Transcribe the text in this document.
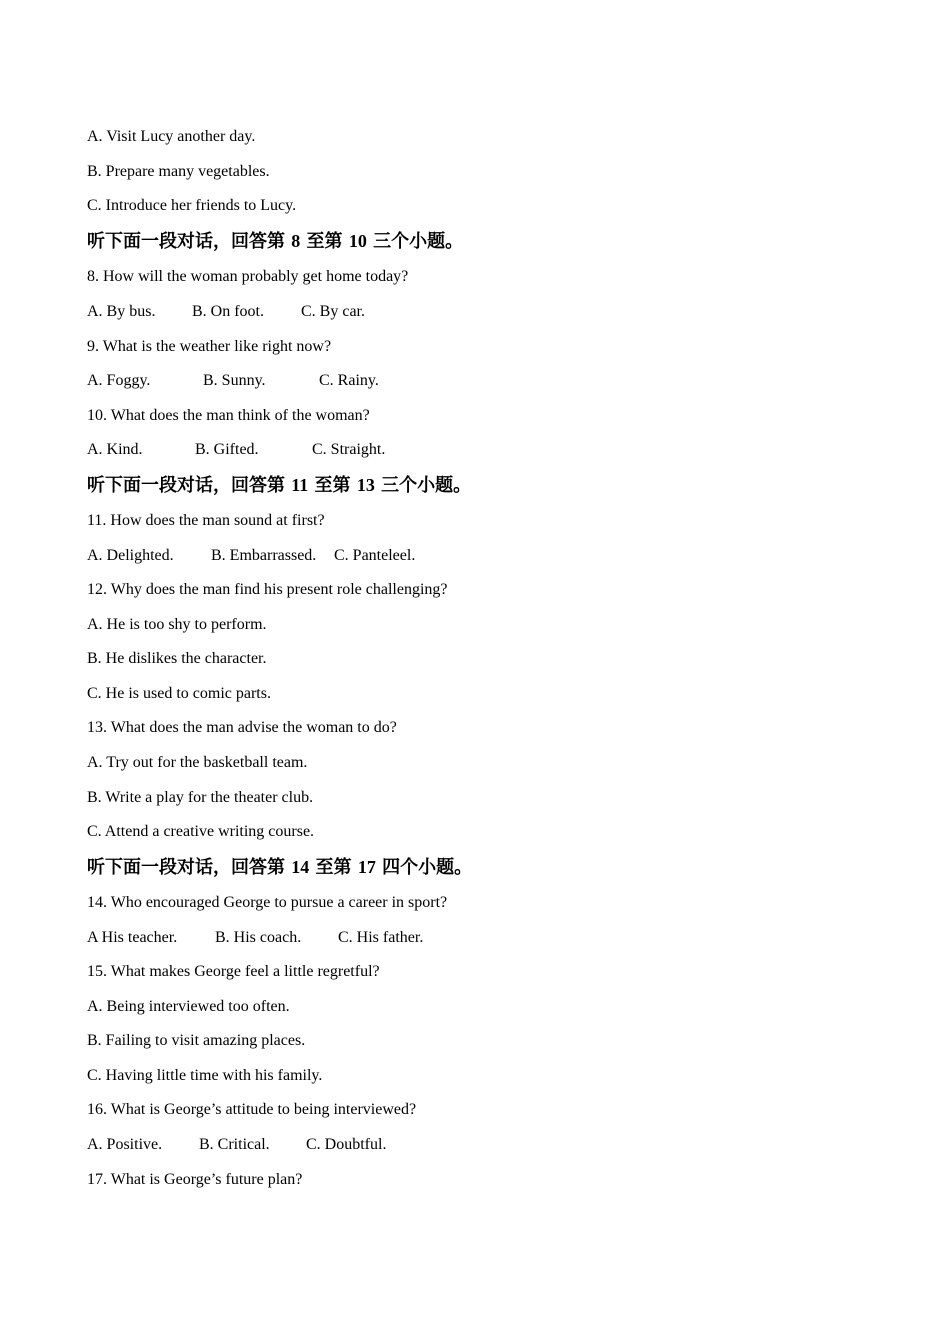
A. Visit Lucy another day.

B. Prepare many vegetables.

C. Introduce her friends to Lucy.

听下面一段对话，回答第 8 至第 10 三个小题。

8. How will the woman probably get home today?

A. By bus. B. On foot. C. By car.

9. What is the weather like right now?

A. Foggy.	B. Sunny.	C. Rainy.

10. What does the man think of the woman?

A. Kind.	B. Gifted.	C. Straight.

听下面一段对话，回答第 11 至第 13 三个小题。

11. How does the man sound at first?

A. Delighted. B. Embarrassed. C. Panteleel.

12. Why does the man find his present role challenging?

A. He is too shy to perform.

B. He dislikes the character.

C. He is used to comic parts.

13. What does the man advise the woman to do?

A. Try out for the basketball team.

B. Write a play for the theater club.

C. Attend a creative writing course.

听下面一段对话，回答第 14 至第 17 四个小题。

14. Who encouraged George to pursue a career in sport?

A His teacher. B. His coach. C. His father.

15. What makes George feel a little regretful?

A. Being interviewed too often.

B. Failing to visit amazing places.

C. Having little time with his family.

16. What is George’s attitude to being interviewed?

A. Positive. B. Critical. C. Doubtful.

17. What is George’s future plan?
